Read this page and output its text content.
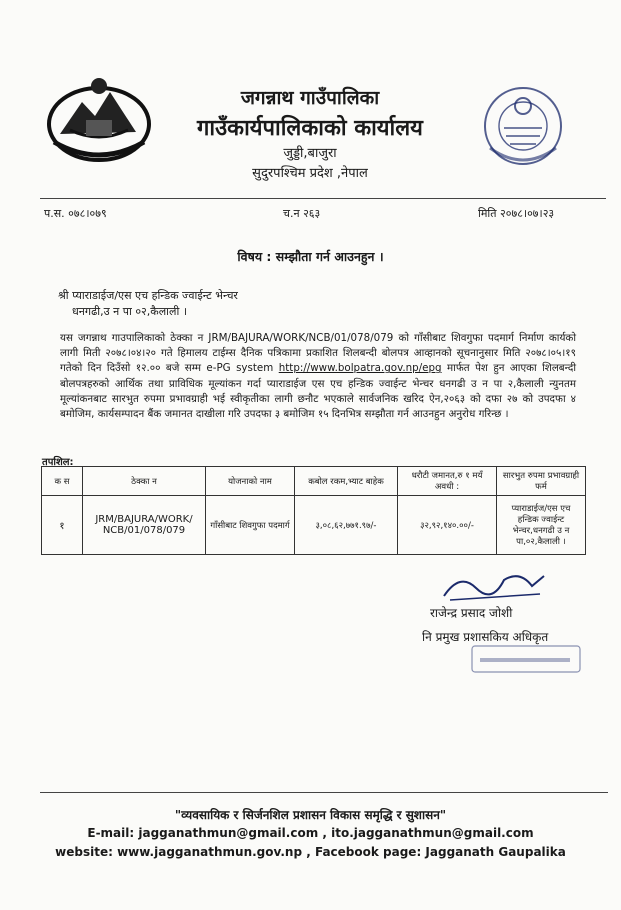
जगन्नाथ गाउँपालिका
गाउँकार्यपालिकाको कार्यालय
जुड्डी,बाजुरा
सुदुरपश्चिम प्रदेश ,नेपाल
प.स. ०७८।०७९	च.न २६३	मिति २०७८।०७।२३
विषय : सम्झौता गर्न आउनहुन ।
श्री प्याराडाईज/एस एच हन्डिक ज्वाईन्ट भेन्चर
धनगढी,उ न पा ०२,कैलाली ।
यस जगन्नाथ गाउपालिकाको ठेक्का न JRM/BAJURA/WORK/NCB/01/078/079 को गाँसीबाट शिवगुफा पदमार्ग निर्माण कार्यको लागी मिती २०७८।०४।२० गते हिमालय टाईम्स दैनिक पत्रिकामा प्रकाशित शिलबन्दी बोलपत्र आव्हानको सूचनानुसार मिति २०७८।०५।१९ गतेको दिन दिउँसो १२.०० बजे सम्म e-PG system http://www.bolpatra.gov.np/epg मार्फत पेश हुन आएका शिलबन्दी बोलपत्रहरुको आर्थिक तथा प्राविधिक मूल्यांकन गर्दा प्याराडाईज एस एच हन्डिक ज्वाईन्ट भेन्चर धनगढी उ न पा २,कैलाली न्युनतम मूल्यांकनबाट सारभुत रुपमा प्रभावग्राही भई स्वीकृतीका लागी छनौट भएकाले सार्वजनिक खरिद ऐन,२०६३ को दफा २७ को उपदफा ४ बमोजिम, कार्यसम्पादन बैंक जमानत दाखीला गरि उपदफा ३ बमोजिम १५ दिनभित्र सम्झौता गर्न आउनहुन अनुरोध गरिन्छ ।
तपशिल:
क स	ठेक्का न	योजनाको नाम	कबोल रकम,भ्याट बाहेक	धरौटी जमानत,रु १ मयँ अवधी :	सारभुत रुपमा प्रभावग्राही फर्म
१	JRM/BAJURA/WORK/ NCB/01/078/079	गाँसीबाट शिवगुफा पदमार्ग	३,०८,६२,७७१.९७/-	३२,९२,१४०.००/-	प्याराडाईज/एस एच हन्डिक ज्वाईन्ट भेन्चर,धनगढी उ न पा,०२,कैलाली ।
राजेन्द्र प्रसाद जोशी
नि प्रमुख प्रशासकिय अधिकृत
"व्यवसायिक र सिर्जनशिल प्रशासन विकास समृद्धि र सुशासन"
E-mail: jagganathmun@gmail.com , ito.jagganathmun@gmail.com
website: www.jagganathmun.gov.np , Facebook page: Jagganath Gaupalika
